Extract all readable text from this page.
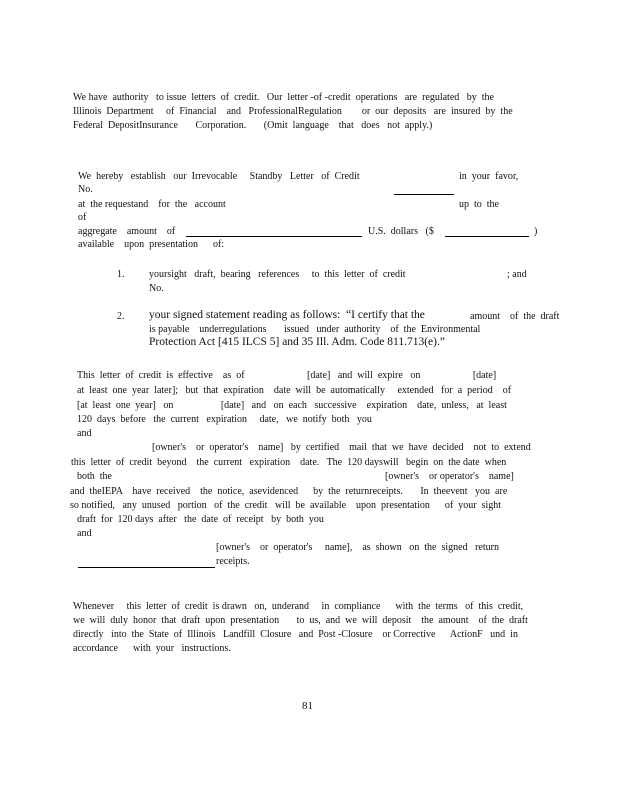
We have  authority   to issue  letters  of  credit.   Our  letter -of -credit  operations   are  regulated   by  the
Illinois  Department     of  Financial    and   ProfessionalRegulation        or  our  deposits   are  insured  by  the
Federal  DepositInsurance       Corporation.       (Omit  language    that   does   not  apply.)
We  hereby   establish   our  Irrevocable     Standby   Letter   of  Credit	in  your  favor,
No.
at  the requestand    for  the   account	up  to  the
of
aggregate    amount    of	U.S.  dollars   ($	)
available    upon  presentation      of:
1. yoursight   draft,  bearing   references     to  this  letter  of  credit	; and
No.
2. your signed statement reading as follows:  “I certify that the	amount    of  the  draft
is payable    underregulations       issued   under  authority    of  the  Environmental
Protection Act [415 ILCS 5] and 35 Ill. Adm. Code 811.713(e).”
This  letter  of  credit  is  effective    as  of                         [date]   and  will  expire   on                     [date]
at  least  one  year  later];   but  that  expiration    date  will  be  automatically     extended   for  a  period    of
[at  least  one  year]   on                   [date]   and   on  each   successive    expiration    date,  unless,   at  least
120  days  before   the  current   expiration     date,   we  notify  both   you
and
[owner's    or  operator's    name]   by  certified    mail  that  we  have  decided    not  to  extend
this  letter  of  credit  beyond    the  current   expiration    date.   The  120 dayswill   begin  on  the date  when
both  the	[owner's    or operator's    name]
and  theIEPA    have  received    the  notice,  asevidenced      by  the  returnreceipts.       In  theevent   you  are
so notified,   any  unused   portion   of  the  credit   will  be  available    upon  presentation      of  your  sight
draft  for  120 days  after   the  date  of  receipt   by  both  you
and
[owner's    or  operator's     name],    as  shown   on  the  signed   return
receipts.
Whenever     this  letter  of  credit  is drawn   on,  underand     in  compliance      with  the  terms   of  this  credit,
we  will  duly  honor  that  draft  upon  presentation       to  us,  and  we  will  deposit    the  amount    of  the  draft
directly   into  the  State  of  Illinois   Landfill  Closure   and  Post -Closure    or Corrective      ActionF   und  in
accordance      with  your   instructions.
81
